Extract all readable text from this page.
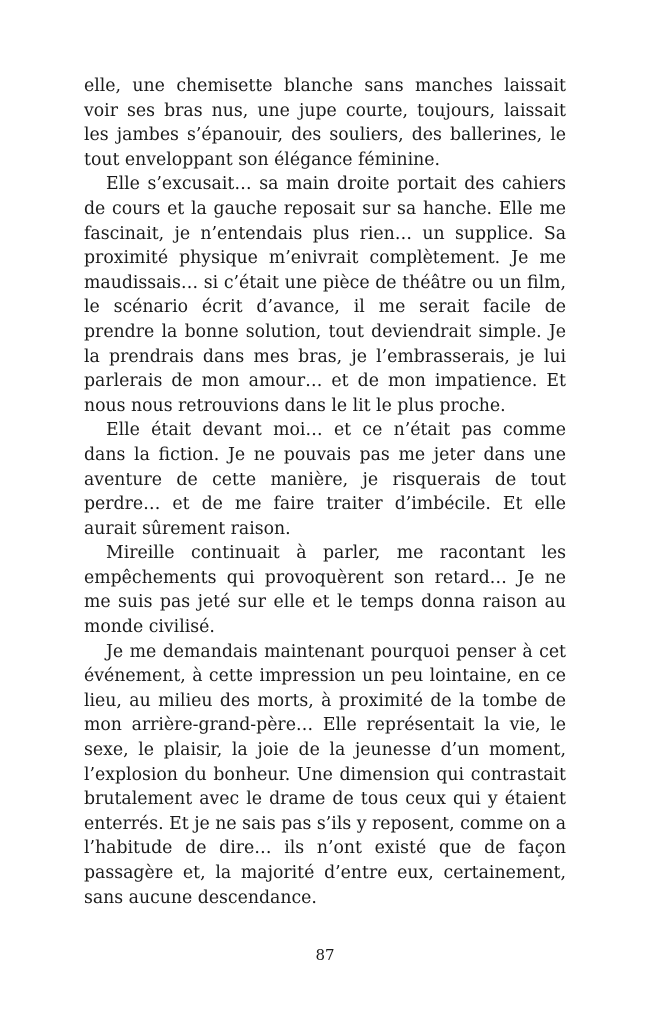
elle, une chemisette blanche sans manches laissait voir ses bras nus, une jupe courte, toujours, laissait les jambes s’épanouir, des souliers, des ballerines, le tout enveloppant son élégance féminine.

Elle s’excusait… sa main droite portait des cahiers de cours et la gauche reposait sur sa hanche. Elle me fascinait, je n’entendais plus rien… un supplice. Sa proximité physique m’enivrait complètement. Je me maudissais… si c’était une pièce de théâtre ou un film, le scénario écrit d’avance, il me serait facile de prendre la bonne solution, tout deviendrait simple. Je la prendrais dans mes bras, je l’embrasserais, je lui parlerais de mon amour… et de mon impatience. Et nous nous retrouvions dans le lit le plus proche.

Elle était devant moi… et ce n’était pas comme dans la fiction. Je ne pouvais pas me jeter dans une aventure de cette manière, je risquerais de tout perdre… et de me faire traiter d’imbécile. Et elle aurait sûrement raison.

Mireille continuait à parler, me racontant les empêchements qui provoquèrent son retard… Je ne me suis pas jeté sur elle et le temps donna raison au monde civilisé.

Je me demandais maintenant pourquoi penser à cet événement, à cette impression un peu lointaine, en ce lieu, au milieu des morts, à proximité de la tombe de mon arrière-grand-père… Elle représentait la vie, le sexe, le plaisir, la joie de la jeunesse d’un moment, l’explosion du bonheur. Une dimension qui contrastait brutalement avec le drame de tous ceux qui y étaient enterrés. Et je ne sais pas s’ils y reposent, comme on a l’habitude de dire… ils n’ont existé que de façon passagère et, la majorité d’entre eux, certainement, sans aucune descendance.

87
